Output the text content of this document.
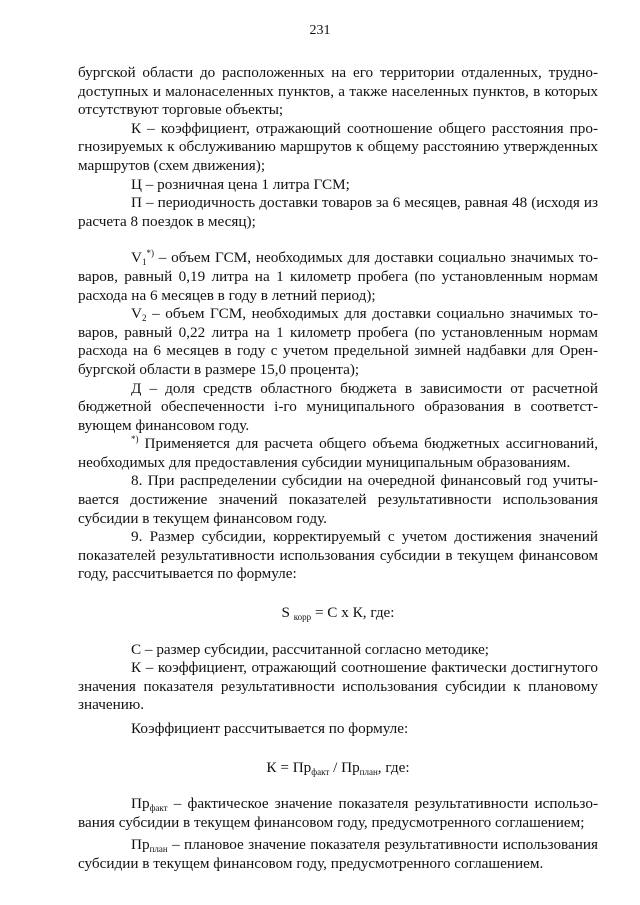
231

бургской области до расположенных на его территории отдаленных, труднодоступных и малонаселенных пунктов, а также населенных пунктов, в которых отсутствуют торговые объекты;

К – коэффициент, отражающий соотношение общего расстояния прогнозируемых к обслуживанию маршрутов к общему расстоянию утвержденных маршрутов (схем движения);

Ц – розничная цена 1 литра ГСМ;

П – периодичность доставки товаров за 6 месяцев, равная 48 (исходя из расчета 8 поездок в месяц);

$V_1^{*)}$ – объем ГСМ, необходимых для доставки социально значимых товаров, равный 0,19 литра на 1 километр пробега (по установленным нормам расхода на 6 месяцев в году в летний период);

$V_2$ – объем ГСМ, необходимых для доставки социально значимых товаров, равный 0,22 литра на 1 километр пробега (по установленным нормам расхода на 6 месяцев в году с учетом предельной зимней надбавки для Оренбургской области в размере 15,0 процента);

Д – доля средств областного бюджета в зависимости от расчетной бюджетной обеспеченности i-го муниципального образования в соответствующем финансовом году.

*) Применяется для расчета общего объема бюджетных ассигнований, необходимых для предоставления субсидии муниципальным образованиям.

8. При распределении субсидии на очередной финансовый год учитывается достижение значений показателей результативности использования субсидии в текущем финансовом году.

9. Размер субсидии, корректируемый с учетом достижения значений показателей результативности использования субсидии в текущем финансовом году, рассчитывается по формуле:

S $_{корр}$ = С х К, где:

С – размер субсидии, рассчитанной согласно методике;

К – коэффициент, отражающий соотношение фактически достигнутого значения показателя результативности использования субсидии к плановому значению.

Коэффициент рассчитывается по формуле:

$К = Пр_{факт} / Пр_{план}$, где:

$Пр_{факт}$ – фактическое значение показателя результативности использования субсидии в текущем финансовом году, предусмотренного соглашением;

$Пр_{план}$ – плановое значение показателя результативности использования субсидии в текущем финансовом году, предусмотренного соглашением.
